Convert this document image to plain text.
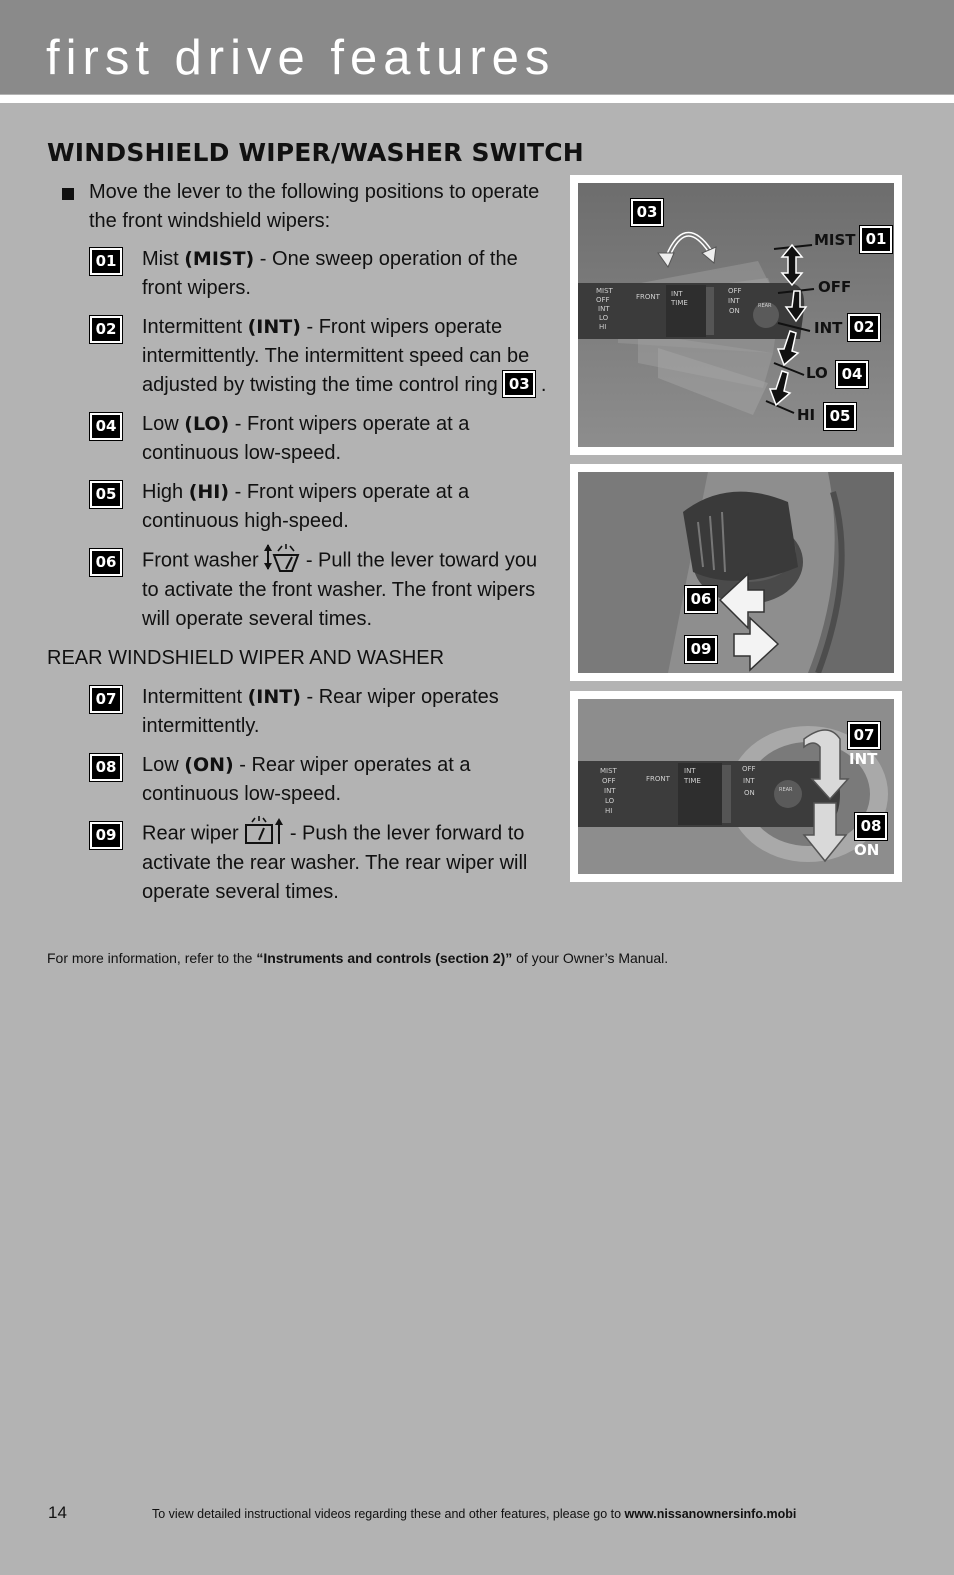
first drive features
WINDSHIELD WIPER/WASHER SWITCH

Move the lever to the following positions to operate the front windshield wipers:

01 Mist (MIST) - One sweep operation of the front wipers.

02 Intermittent (INT) - Front wipers operate intermittently. The intermittent speed can be adjusted by twisting the time control ring 03 .

04 Low (LO) - Front wipers operate at a continuous low-speed.

05 High (HI) - Front wipers operate at a continuous high-speed.

06 Front washer  - Pull the lever toward you to activate the front washer. The front wipers will operate several times.

REAR WINDSHIELD WIPER AND WASHER

07 Intermittent (INT) - Rear wiper operates intermittently.

08 Low (ON) - Rear wiper operates at a continuous low-speed.

09 Rear wiper	- Push the lever forward to activate the rear washer. The rear wiper will operate several times.

For more information, refer to the “Instruments and controls (section 2)” of your Owner’s Manual.

MIST
OFF
INT
LO
HI
FRONT INT
TIME
OFF
INT
ON
REAR
03
MIST 01
OFF
INT 02
LO 04
HI 05
06
09
MIST
OFF
INT
LO
HI
FRONT
INT
TIME
OFF
INT
ON	REAR
07
INT
08
ON
14	To view detailed instructional videos regarding these and other features, please go to www.nissanownersinfo.mobi
